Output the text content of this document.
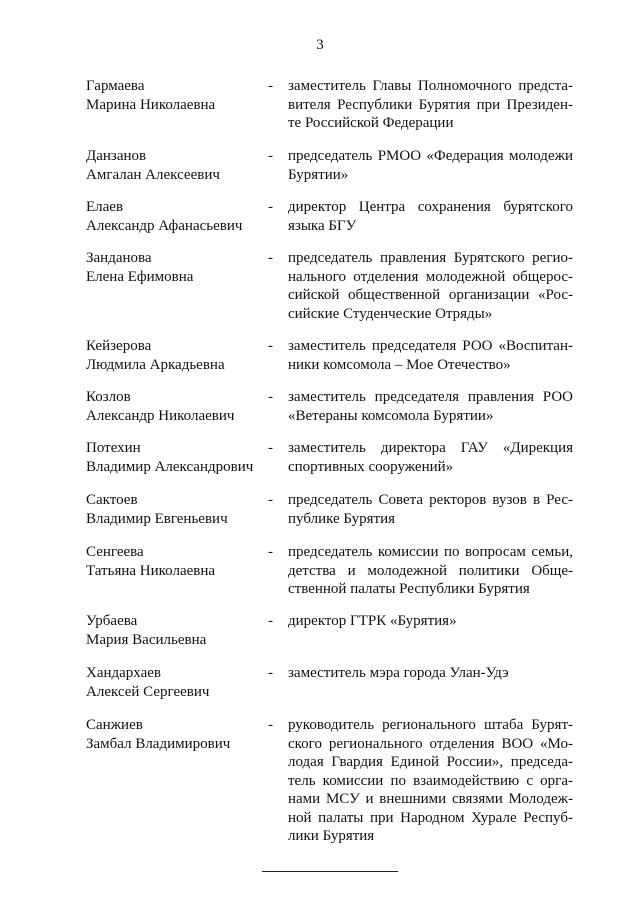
3
Гармаева
Марина Николаевна
- заместитель Главы Полномочного предста-
вителя Республики Бурятия при Президен-
те Российской Федерации
Данзанов
Амгалан Алексеевич
- председатель РМОО «Федерация молодежи
Бурятии»
Елаев
Александр Афанасьевич
- директор Центра сохранения бурятского
языка БГУ
Занданова
Елена Ефимовна
- председатель правления Бурятского регио-
нального отделения молодежной общерос-
сийской общественной организации «Рос-
сийские Студенческие Отряды»
Кейзерова
Людмила Аркадьевна
- заместитель председателя РОО «Воспитан-
ники комсомола – Мое Отечество»
Козлов
Александр Николаевич
- заместитель председателя правления РОО
«Ветераны комсомола Бурятии»
Потехин
Владимир Александрович
- заместитель директора ГАУ «Дирекция
спортивных сооружений»
Сактоев
Владимир Евгеньевич
- председатель Совета ректоров вузов в Рес-
публике Бурятия
Сенгеева
Татьяна Николаевна
- председатель комиссии по вопросам семьи,
детства и молодежной политики Обще-
ственной палаты Республики Бурятия
Урбаева
Мария Васильевна
- директор ГТРК «Бурятия»
Хандархаев
Алексей Сергеевич
- заместитель мэра города Улан-Удэ
Санжиев
Замбал Владимирович
- руководитель регионального штаба Бурят-
ского регионального отделения ВОО «Мо-
лодая Гвардия Единой России», председа-
тель комиссии по взаимодействию с орга-
нами МСУ и внешними связями Молодеж-
ной палаты при Народном Хурале Респуб-
лики Бурятия
